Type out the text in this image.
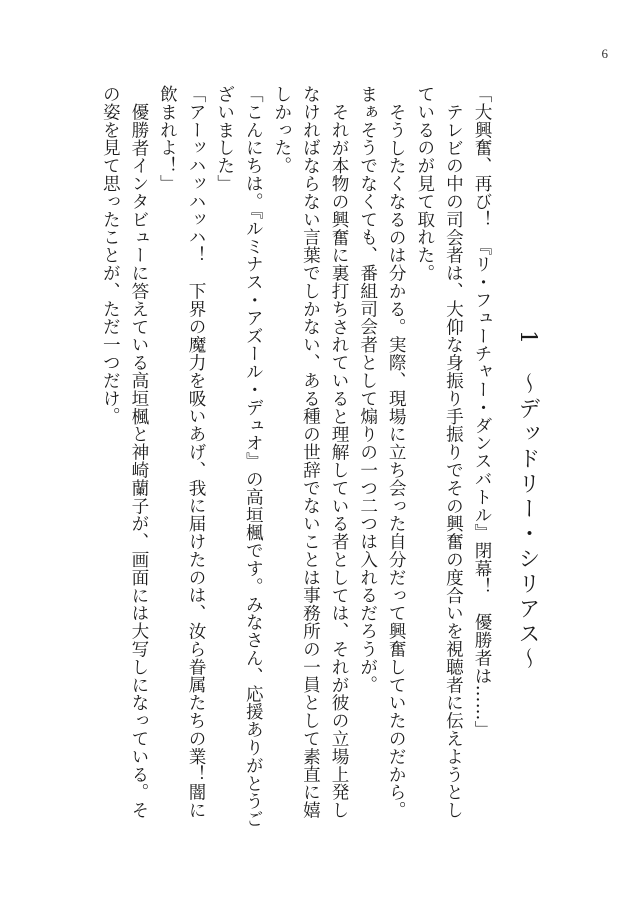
6
1　～デッドリー・シリアス～

「大興奮、再び！　『リ・フューチャー・ダンスバトル』閉幕！　優勝者は……」

テレビの中の司会者は、大仰な身振り手振りでその興奮の度合いを視聴者に伝えようとしているのが見て取れた。

そうしたくなるのは分かる。実際、現場に立ち会った自分だって興奮していたのだから。まぁそうでなくても、番組司会者として煽りの一つ二つは入れるだろうが。

それが本物の興奮に裏打ちされていると理解している者としては、それが彼の立場上発しなければならない言葉でしかない、ある種の世辞でないことは事務所の一員として素直に嬉しかった。

「こんにちは。『ルミナス・アズール・デュオ』の高垣楓です。みなさん、応援ありがとうございました」

「アーッハッハッハ！　下界の魔力を吸いあげ、我に届けたのは、汝ら眷属たちの業！闇に飲まれよ！」

優勝者インタビューに答えている高垣楓と神崎蘭子が、画面には大写しになっている。その姿を見て思ったことが、ただ一つだけ。
